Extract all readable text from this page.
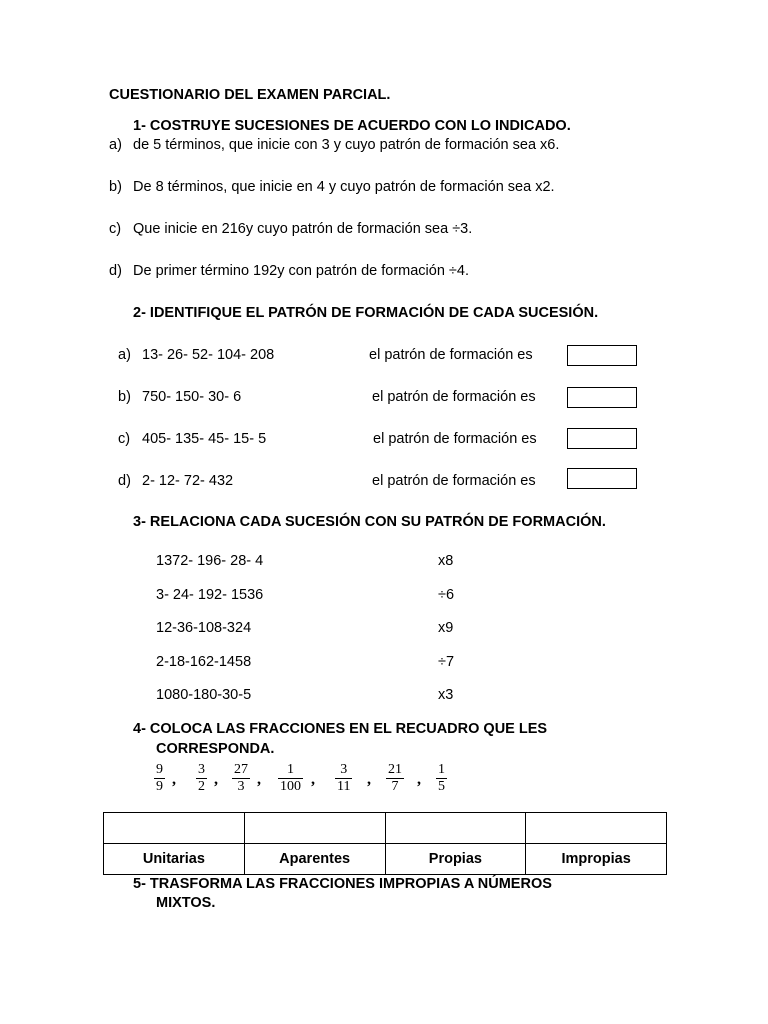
CUESTIONARIO DEL EXAMEN PARCIAL.
1- COSTRUYE SUCESIONES DE ACUERDO CON LO INDICADO.
a) de 5 términos, que inicie con 3 y cuyo patrón de formación sea x6.
b) De 8 términos, que inicie en 4 y cuyo patrón de formación sea x2.
c) Que inicie en 216y cuyo patrón de formación sea ÷3.
d) De primer término 192y con patrón de formación ÷4.
2- IDENTIFIQUE EL PATRÓN DE FORMACIÓN DE CADA SUCESIÓN.
a) 13- 26- 52- 104- 208	el patrón de formación es
b) 750- 150- 30- 6	el patrón de formación es
c) 405- 135- 45- 15- 5	el patrón de formación es
d) 2- 12- 72- 432	el patrón de formación es
3- RELACIONA CADA SUCESIÓN CON SU PATRÓN DE FORMACIÓN.
1372- 196- 28- 4	x8
3- 24- 192- 1536	÷6
12-36-108-324	x9
2-18-162-1458	÷7
1080-180-30-5	x3
4- COLOCA LAS FRACCIONES EN EL RECUADRO QUE LES
CORRESPONDA.
$\frac{9}{9}$ , $\frac{3}{2}$ , $\frac{27}{3}$ , $\frac{1}{100}$ , $\frac{3}{11}$ , $\frac{21}{7}$ , $\frac{1}{5}$

Unitarias	Aparentes	Propias	Impropias
5- TRASFORMA LAS FRACCIONES IMPROPIAS A NÚMEROS
MIXTOS.
